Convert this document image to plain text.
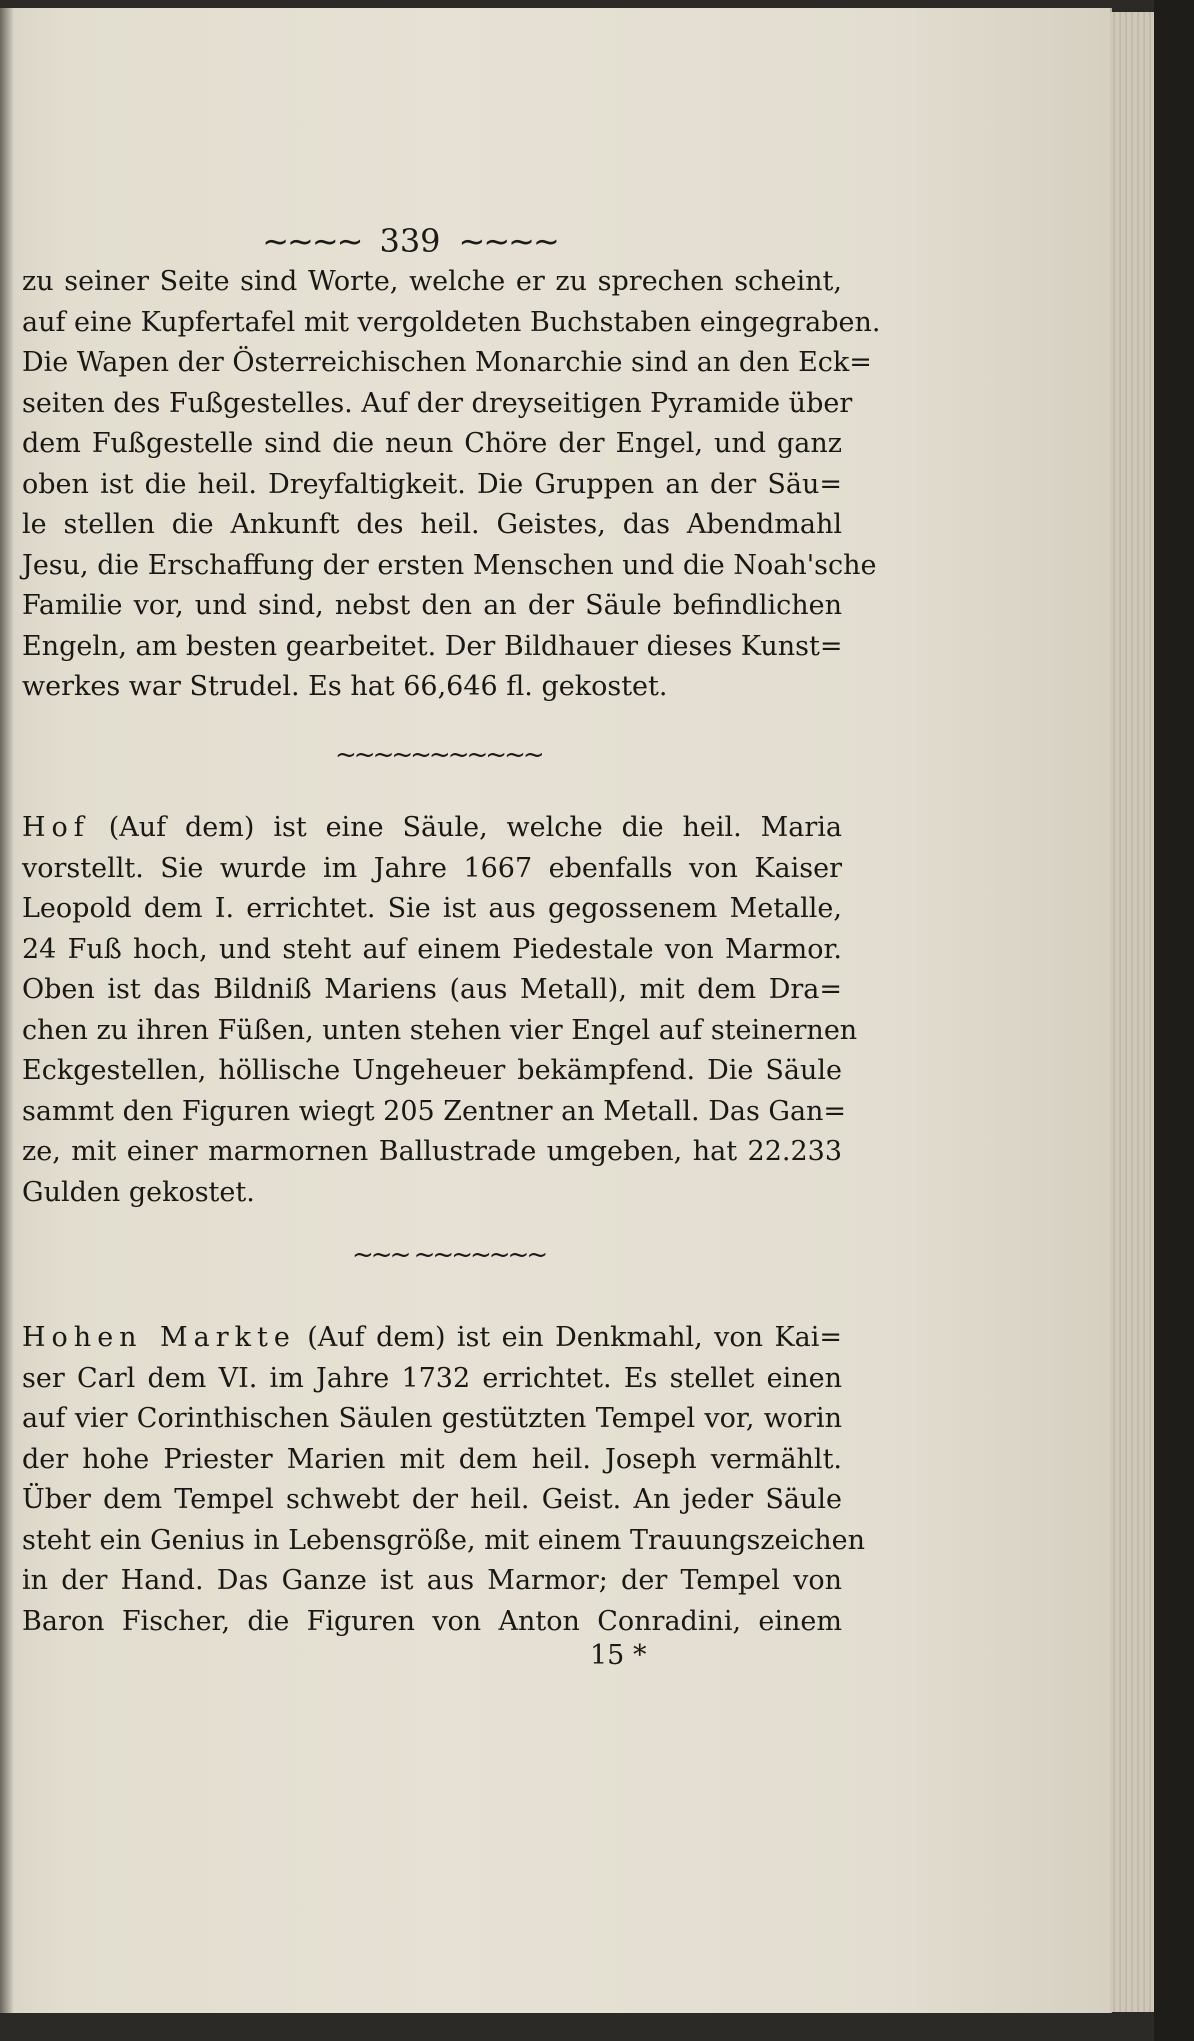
~~~~ 339 ~~~~
zu seiner Seite sind Worte, welche er zu sprechen scheint,
auf eine Kupfertafel mit vergoldeten Buchstaben eingegraben.
Die Wapen der Österreichischen Monarchie sind an den Eck=
seiten des Fußgestelles. Auf der dreyseitigen Pyramide über
dem Fußgestelle sind die neun Chöre der Engel, und ganz
oben ist die heil. Dreyfaltigkeit. Die Gruppen an der Säu=
le stellen die Ankunft des heil. Geistes, das Abendmahl
Jesu, die Erschaffung der ersten Menschen und die Noah'sche
Familie vor, und sind, nebst den an der Säule befindlichen
Engeln, am besten gearbeitet. Der Bildhauer dieses Kunst=
werkes war Strudel. Es hat 66,646 fl. gekostet.
~~~~~~~~~~~
Hof (Auf dem) ist eine Säule, welche die heil. Maria
vorstellt. Sie wurde im Jahre 1667 ebenfalls von Kaiser
Leopold dem I. errichtet. Sie ist aus gegossenem Metalle,
24 Fuß hoch, und steht auf einem Piedestale von Marmor.
Oben ist das Bildniß Mariens (aus Metall), mit dem Dra=
chen zu ihren Füßen, unten stehen vier Engel auf steinernen
Eckgestellen, höllische Ungeheuer bekämpfend. Die Säule
sammt den Figuren wiegt 205 Zentner an Metall. Das Gan=
ze, mit einer marmornen Ballustrade umgeben, hat 22.233
Gulden gekostet.
~~~ ~~~~~~~
Hohen Markte (Auf dem) ist ein Denkmahl, von Kai=
ser Carl dem VI. im Jahre 1732 errichtet. Es stellet einen
auf vier Corinthischen Säulen gestützten Tempel vor, worin
der hohe Priester Marien mit dem heil. Joseph vermählt.
Über dem Tempel schwebt der heil. Geist. An jeder Säule
steht ein Genius in Lebensgröße, mit einem Trauungszeichen
in der Hand. Das Ganze ist aus Marmor; der Tempel von
Baron Fischer, die Figuren von Anton Conradini, einem
15 *
